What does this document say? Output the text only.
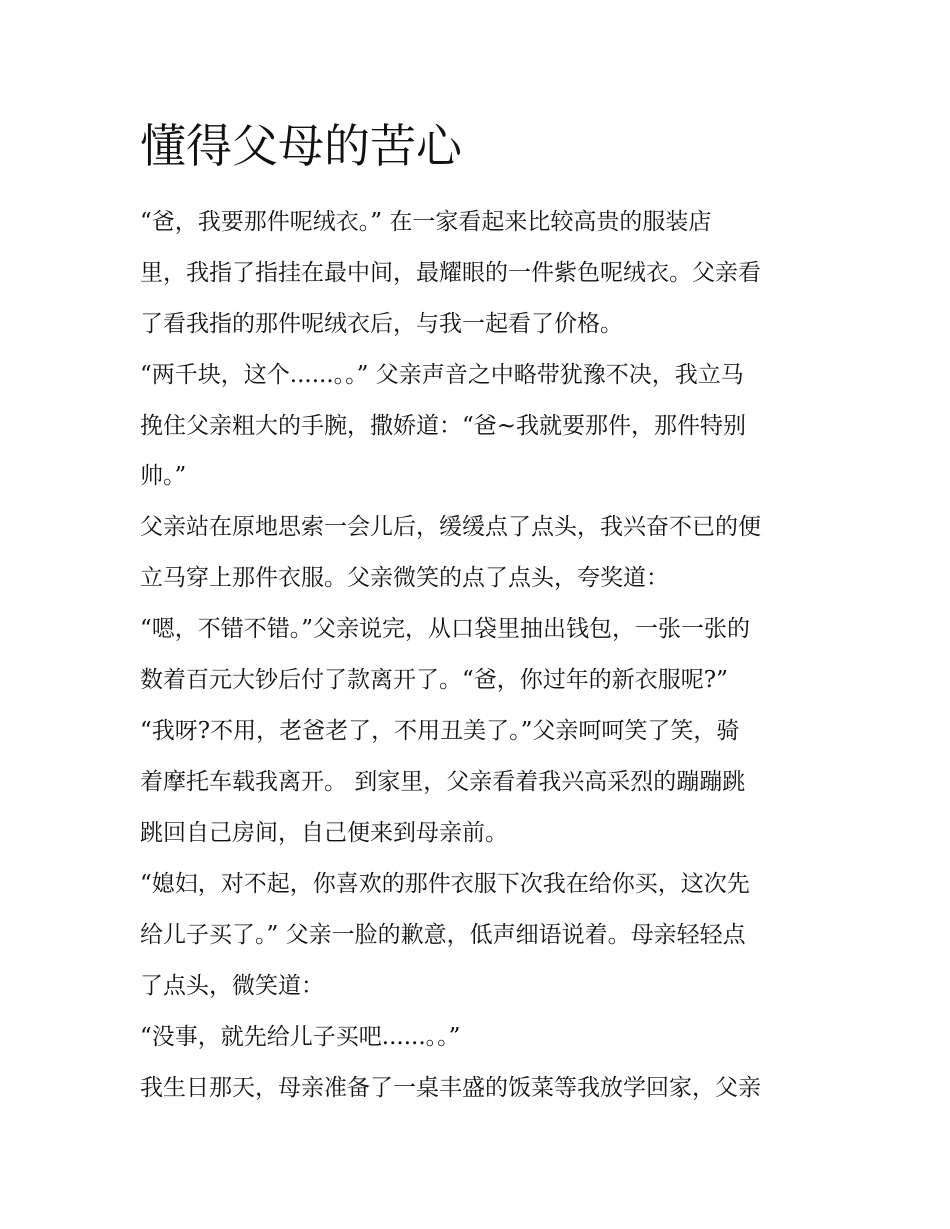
懂得父母的苦心

“爸，我要那件呢绒衣。” 在一家看起来比较高贵的服装店

里，我指了指挂在最中间，最耀眼的一件紫色呢绒衣。父亲看

了看我指的那件呢绒衣后，与我一起看了价格。

“两千块，这个......。。” 父亲声音之中略带犹豫不决，我立马

挽住父亲粗大的手腕，撒娇道：“爸~我就要那件，那件特别

帅。”

父亲站在原地思索一会儿后，缓缓点了点头，我兴奋不已的便

立马穿上那件衣服。父亲微笑的点了点头，夸奖道：

“嗯，不错不错。”父亲说完，从口袋里抽出钱包，一张一张的

数着百元大钞后付了款离开了。“爸，你过年的新衣服呢?”

“我呀?不用，老爸老了，不用丑美了。”父亲呵呵笑了笑，骑

着摩托车载我离开。 到家里，父亲看着我兴高采烈的蹦蹦跳

跳回自己房间，自己便来到母亲前。

“媳妇，对不起，你喜欢的那件衣服下次我在给你买，这次先

给儿子买了。” 父亲一脸的歉意，低声细语说着。母亲轻轻点

了点头，微笑道：

“没事，就先给儿子买吧......。。”

我生日那天，母亲准备了一桌丰盛的饭菜等我放学回家，父亲
